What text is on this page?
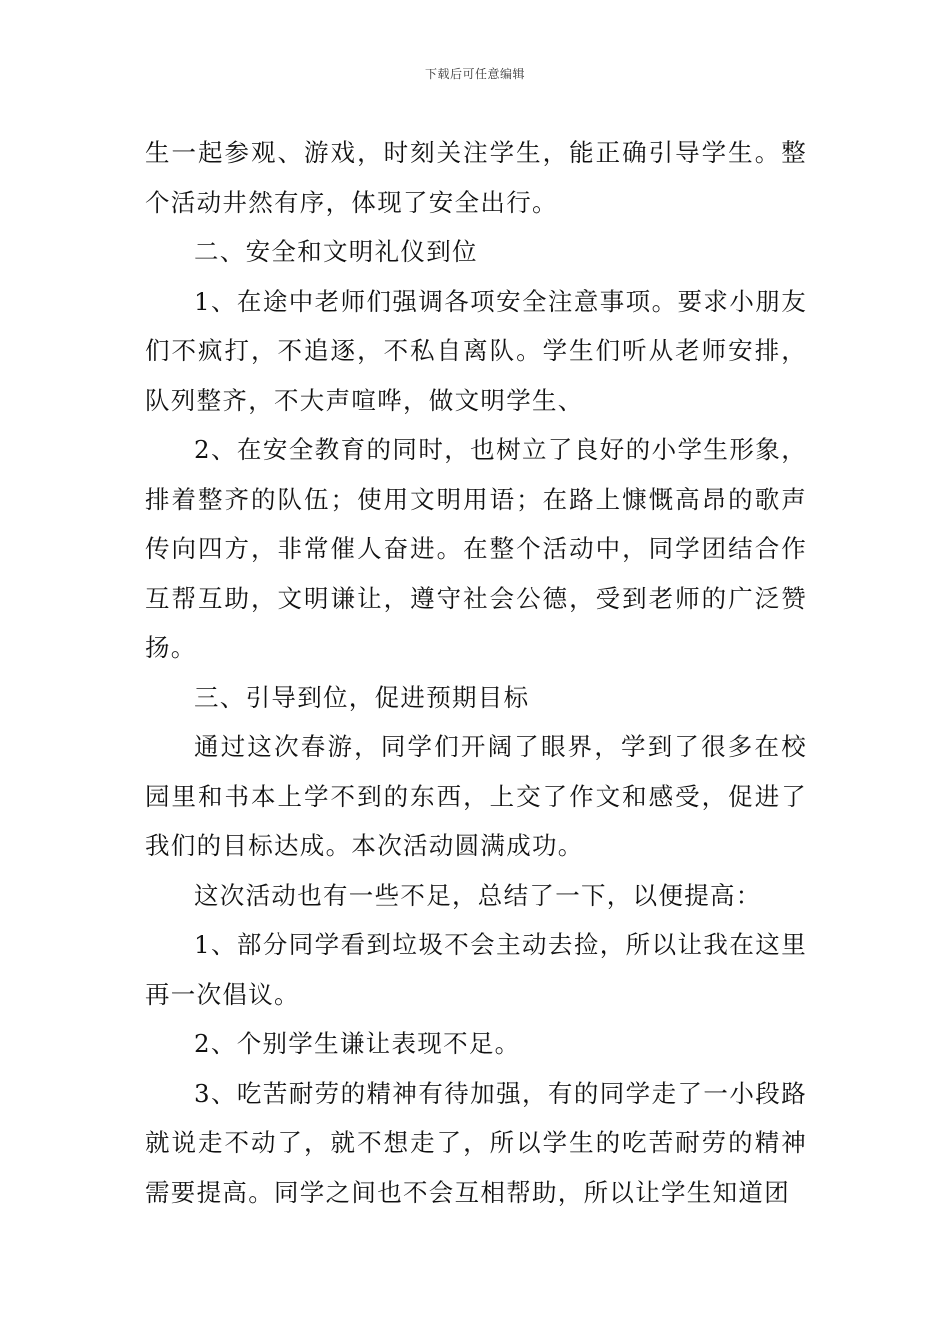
下载后可任意编辑

生一起参观、游戏，时刻关注学生，能正确引导学生。整个活动井然有序，体现了安全出行。

二、安全和文明礼仪到位

1、在途中老师们强调各项安全注意事项。要求小朋友们不疯打，不追逐，不私自离队。学生们听从老师安排，队列整齐，不大声喧哗，做文明学生、

2、在安全教育的同时，也树立了良好的小学生形象，排着整齐的队伍；使用文明用语；在路上慷慨高昂的歌声传向四方，非常催人奋进。在整个活动中，同学团结合作互帮互助，文明谦让，遵守社会公德，受到老师的广泛赞扬。

三、引导到位，促进预期目标

通过这次春游，同学们开阔了眼界，学到了很多在校园里和书本上学不到的东西，上交了作文和感受，促进了我们的目标达成。本次活动圆满成功。

这次活动也有一些不足，总结了一下，以便提高：

1、部分同学看到垃圾不会主动去捡，所以让我在这里再一次倡议。

2、个别学生谦让表现不足。

3、吃苦耐劳的精神有待加强，有的同学走了一小段路就说走不动了，就不想走了，所以学生的吃苦耐劳的精神需要提高。同学之间也不会互相帮助，所以让学生知道团
